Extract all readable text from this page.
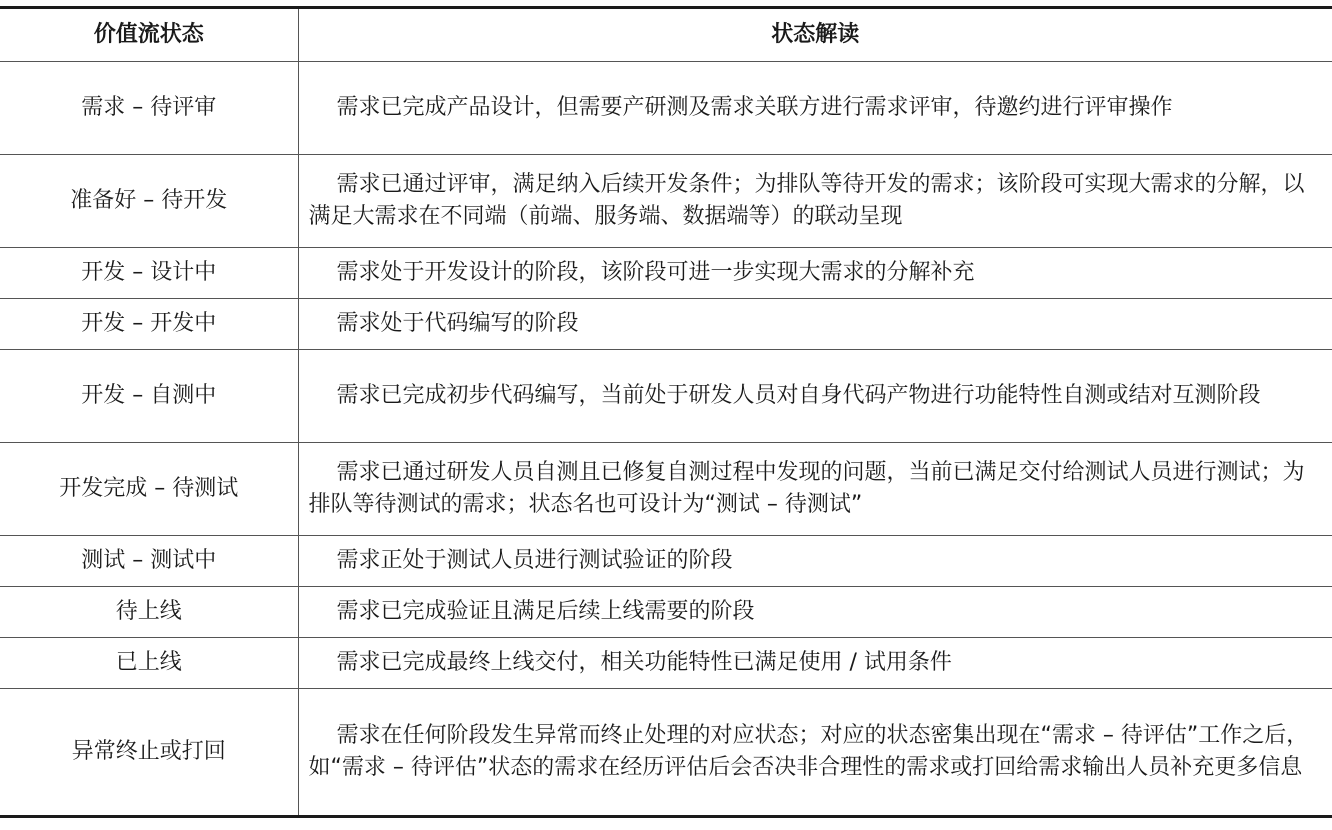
价值流状态	状态解读
需求 – 待评审	需求已完成产品设计，但需要产研测及需求关联方进行需求评审，待邀约进行评审操作
准备好 – 待开发	需求已通过评审，满足纳入后续开发条件；为排队等待开发的需求；该阶段可实现大需求的分解，以满足大需求在不同端（前端、服务端、数据端等）的联动呈现
开发 – 设计中	需求处于开发设计的阶段，该阶段可进一步实现大需求的分解补充
开发 – 开发中	需求处于代码编写的阶段
开发 – 自测中	需求已完成初步代码编写，当前处于研发人员对自身代码产物进行功能特性自测或结对互测阶段
开发完成 – 待测试	需求已通过研发人员自测且已修复自测过程中发现的问题，当前已满足交付给测试人员进行测试；为排队等待测试的需求；状态名也可设计为“测试 – 待测试”
测试 – 测试中	需求正处于测试人员进行测试验证的阶段
待上线	需求已完成验证且满足后续上线需要的阶段
已上线	需求已完成最终上线交付，相关功能特性已满足使用 / 试用条件
异常终止或打回	需求在任何阶段发生异常而终止处理的对应状态；对应的状态密集出现在“需求 – 待评估”工作之后，如“需求 – 待评估”状态的需求在经历评估后会否决非合理性的需求或打回给需求输出人员补充更多信息
